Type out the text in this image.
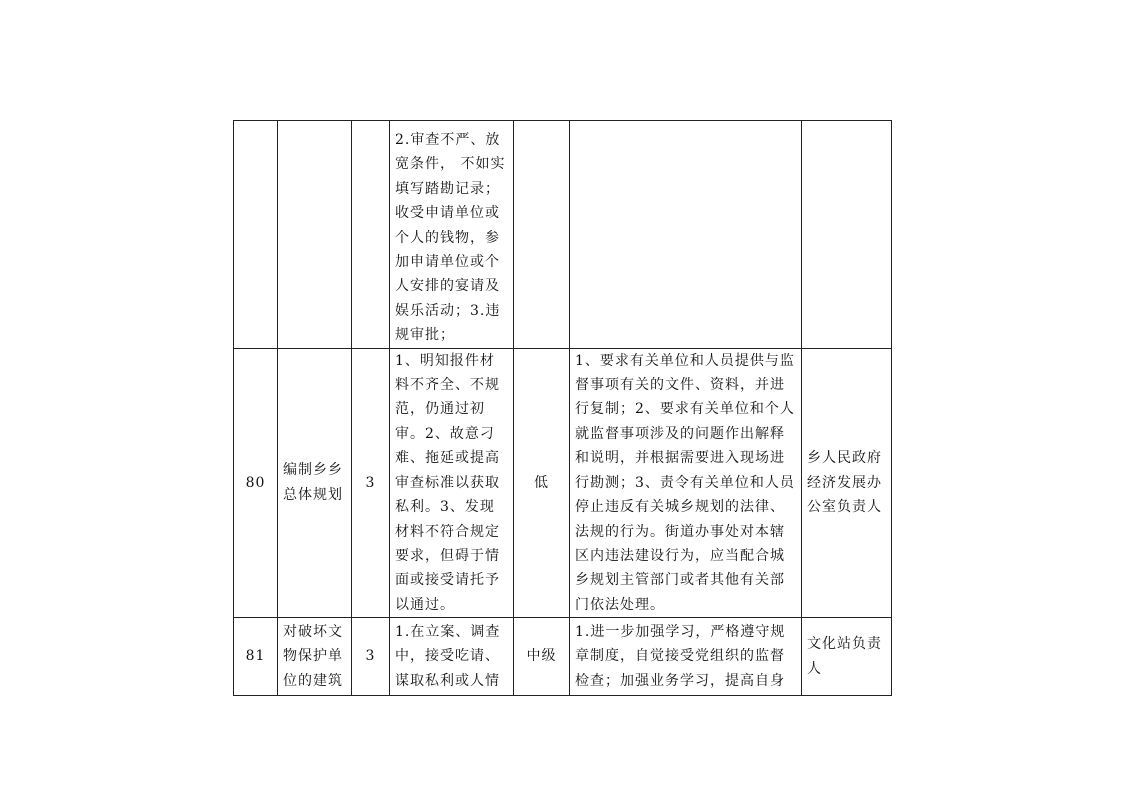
			2.审查不严、放宽条件， 不如实填写踏勘记录；收受申请单位或个人的钱物，参加申请单位或个人安排的宴请及娱乐活动；3.违规审批；			

80	编制乡乡总体规划	3	1、明知报件材料不齐全、不规范，仍通过初审。2、故意刁难、拖延或提高审查标准以获取私利。3、发现材料不符合规定要求，但碍于情面或接受请托予以通过。	低	1、要求有关单位和人员提供与监督事项有关的文件、资料，并进行复制；2、要求有关单位和个人就监督事项涉及的问题作出解释和说明，并根据需要进入现场进行勘测；3、责令有关单位和人员停止违反有关城乡规划的法律、法规的行为。街道办事处对本辖区内违法建设行为，应当配合城乡规划主管部门或者其他有关部门依法处理。	乡人民政府经济发展办公室负责人

81	对破坏文物保护单位的建筑	3	1.在立案、调查中，接受吃请、谋取私利或人情	中级	1.进一步加强学习，严格遵守规章制度，自觉接受党组织的监督检查；加强业务学习，提高自身	文化站负责人
